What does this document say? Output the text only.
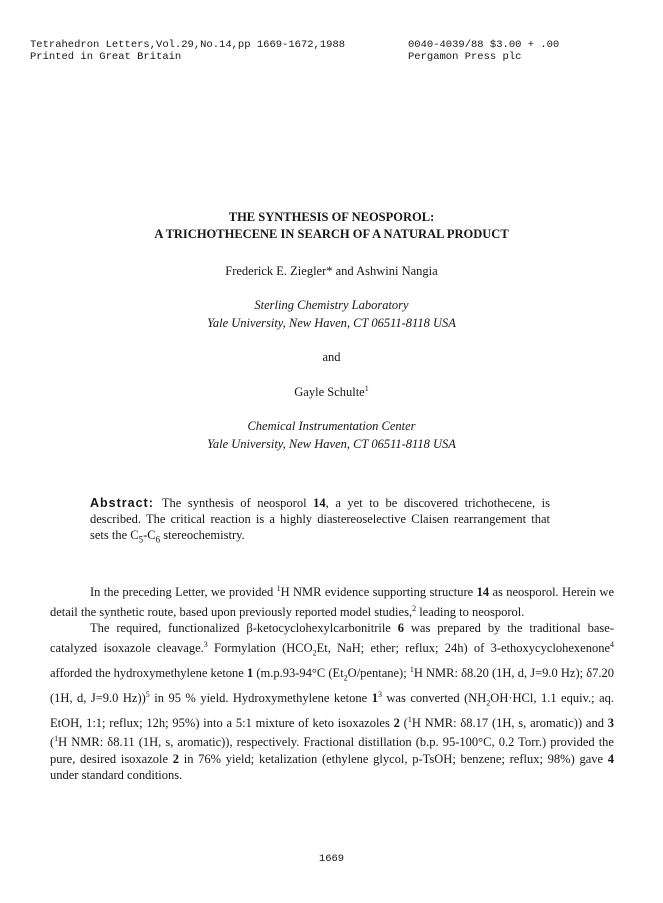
Tetrahedron Letters,Vol.29,No.14,pp 1669-1672,1988
Printed in Great Britain
0040-4039/88 $3.00 + .00
Pergamon Press plc
THE SYNTHESIS OF NEOSPOROL:
A TRICHOTHECENE IN SEARCH OF A NATURAL PRODUCT
Frederick E. Ziegler* and Ashwini Nangia
Sterling Chemistry Laboratory
Yale University, New Haven, CT 06511-8118 USA
and
Gayle Schulte$^1$
Chemical Instrumentation Center
Yale University, New Haven, CT 06511-8118 USA
Abstract: The synthesis of neosporol 14, a yet to be discovered trichothecene, is described. The critical reaction is a highly diastereoselective Claisen rearrangement that sets the $C_5-C_6$ stereochemistry.

In the preceding Letter, we provided $^1$H NMR evidence supporting structure 14 as neosporol. Herein we detail the synthetic route, based upon previously reported model studies,$^2$ leading to neosporol.

The required, functionalized β-ketocyclohexylcarbonitrile 6 was prepared by the traditional base-catalyzed isoxazole cleavage.$^3$ Formylation ($HCO_2Et$, NaH; ether; reflux; 24h) of 3-ethoxycyclohexenone$^4$ afforded the hydroxymethylene ketone 1 (m.p.93-94°C $(Et_2O/pentane)$; $^1$H NMR: δ8.20 (1H, d, J=9.0 Hz); δ7.20 (1H, d, J=9.0 Hz))$^5$ in 95 % yield. Hydroxymethylene ketone $1^3$ was converted ($NH_2OH\cdot HCl$, 1.1 equiv.; aq. EtOH, 1:1; reflux; 12h; 95%) into a 5:1 mixture of keto isoxazoles 2 ($^1$H NMR: δ8.17 (1H, s, aromatic)) and 3 ($^1$H NMR: δ8.11 (1H, s, aromatic)), respectively. Fractional distillation (b.p. 95-100°C, 0.2 Torr.) provided the pure, desired isoxazole 2 in 76% yield; ketalization (ethylene glycol, p-TsOH; benzene; reflux; 98%) gave 4 under standard conditions.

1669
